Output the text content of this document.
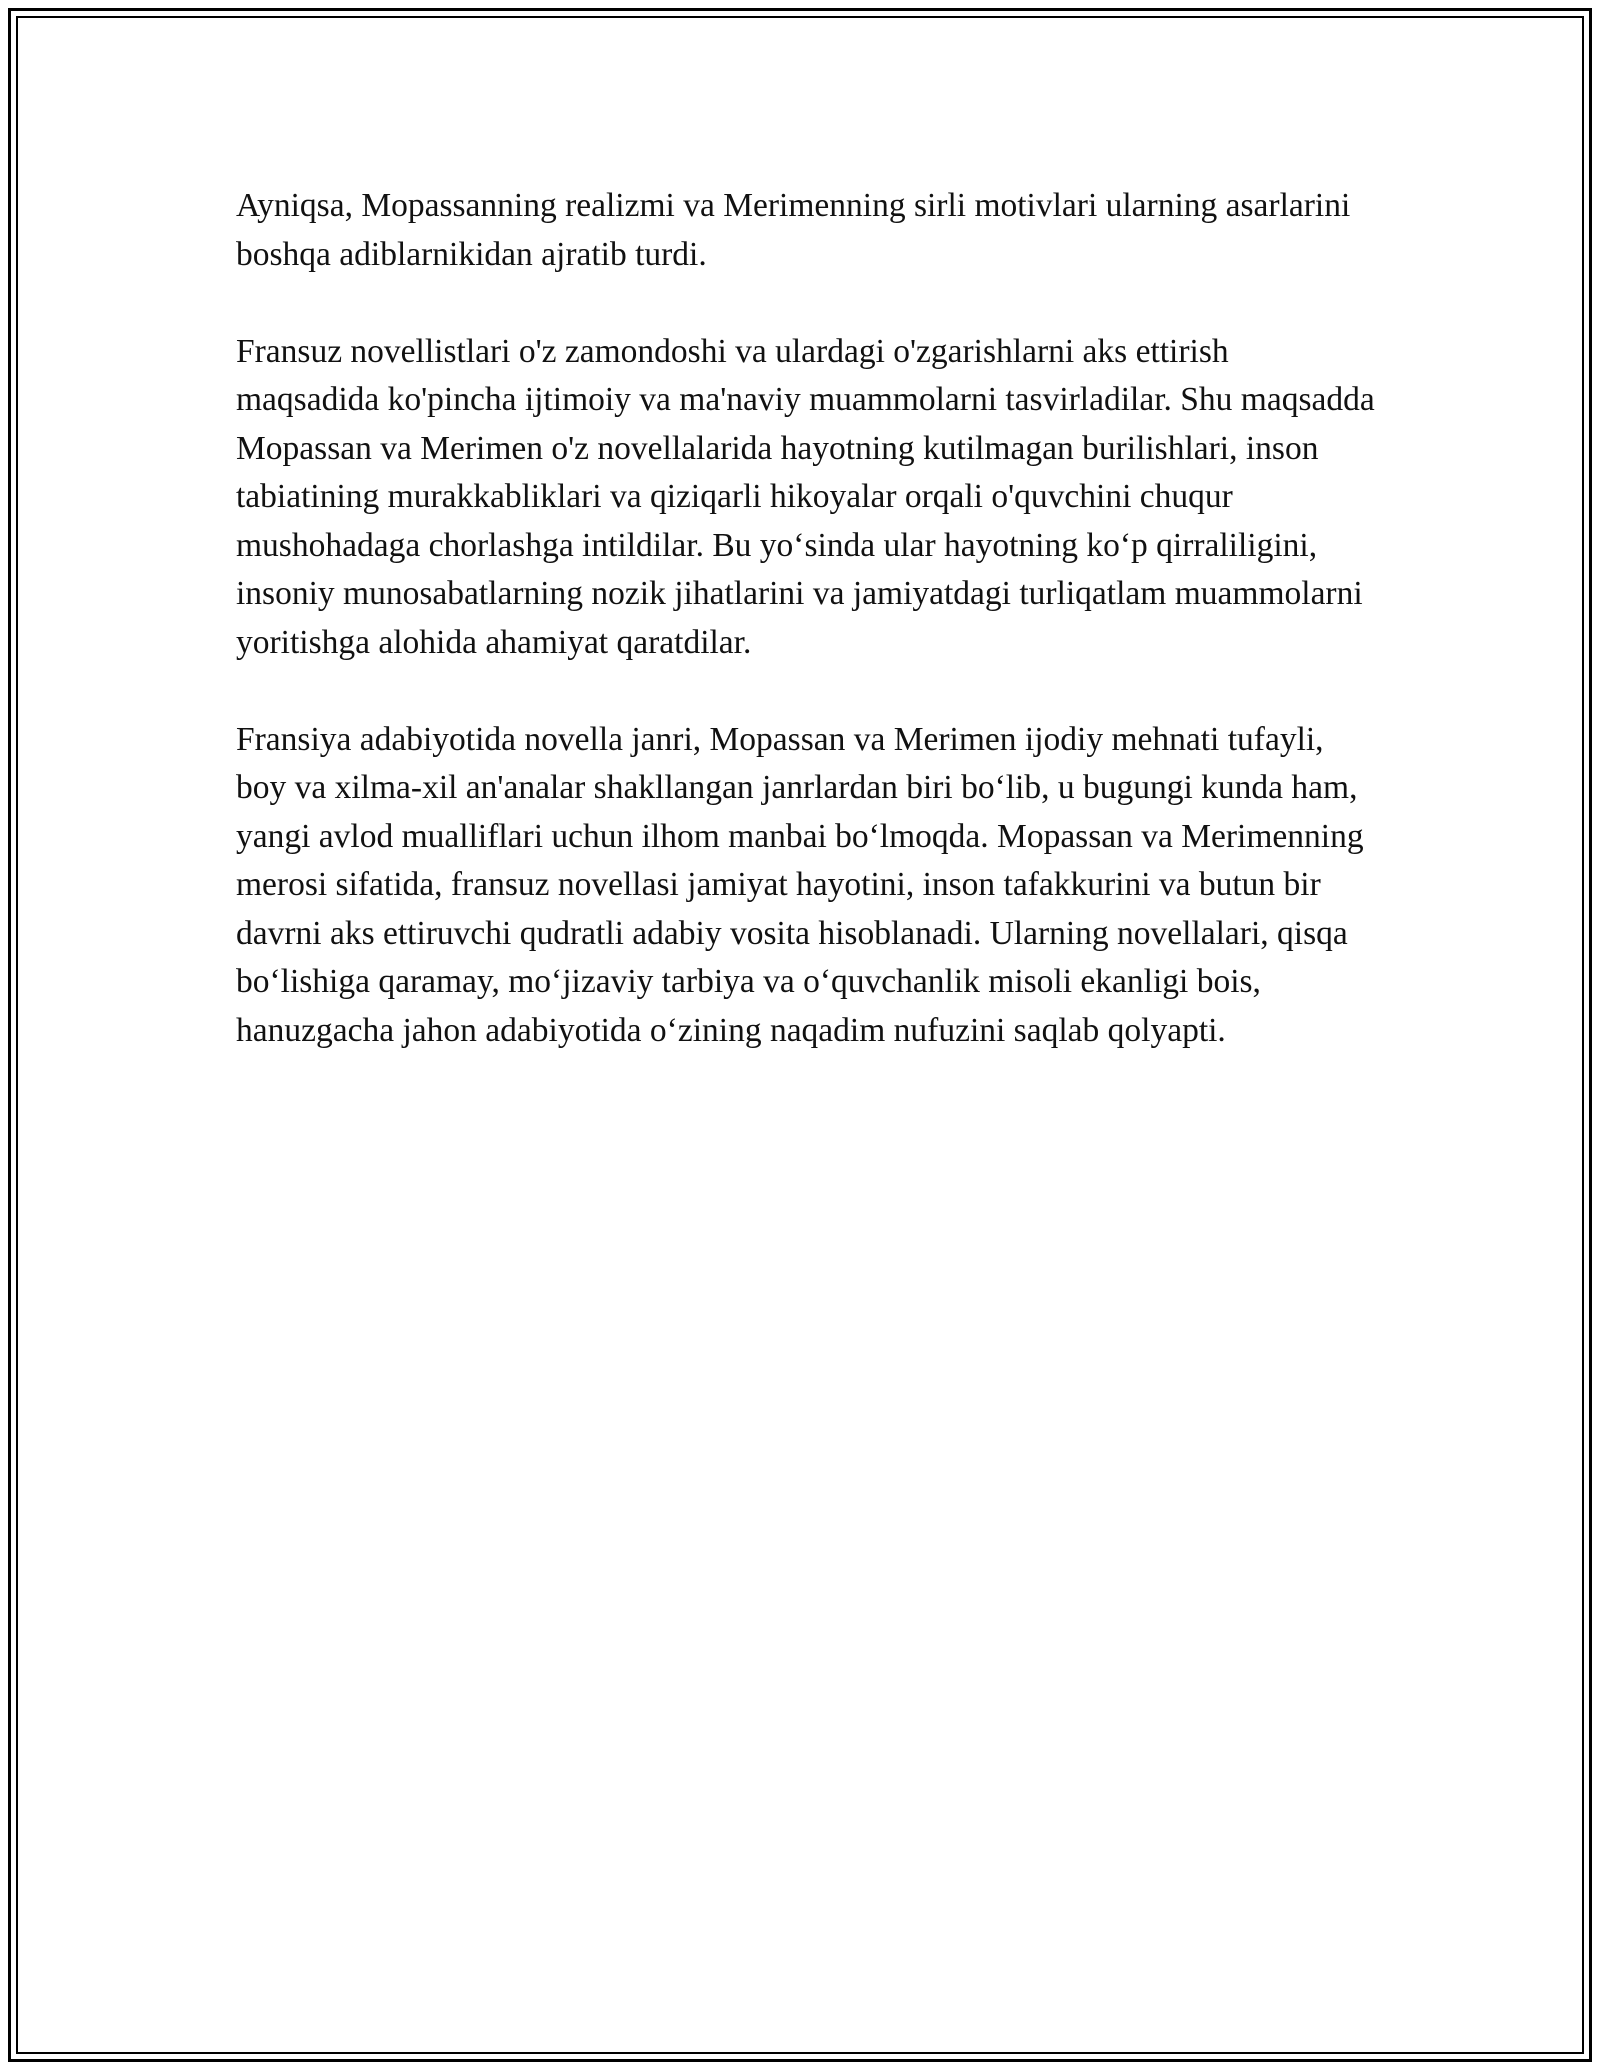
Ayniqsa, Mopassanning realizmi va Merimenning sirli motivlari ularning asarlarini boshqa adiblarnikidan ajratib turdi.

Fransuz novellistlari o'z zamondoshi va ulardagi o'zgarishlarni aks ettirish maqsadida ko'pincha ijtimoiy va ma'naviy muammolarni tasvirladilar. Shu maqsadda Mopassan va Merimen o'z novellalarida hayotning kutilmagan burilishlari, inson tabiatining murakkabliklari va qiziqarli hikoyalar orqali o'quvchini chuqur mushohadaga chorlashga intildilar. Bu yo‘sinda ular hayotning ko‘p qirraliligini, insoniy munosabatlarning nozik jihatlarini va jamiyatdagi turliqatlam muammolarni yoritishga alohida ahamiyat qaratdilar.

Fransiya adabiyotida novella janri, Mopassan va Merimen ijodiy mehnati tufayli, boy va xilma-xil an'analar shakllangan janrlardan biri bo‘lib, u bugungi kunda ham, yangi avlod mualliflari uchun ilhom manbai bo‘lmoqda. Mopassan va Merimenning merosi sifatida, fransuz novellasi jamiyat hayotini, inson tafakkurini va butun bir davrni aks ettiruvchi qudratli adabiy vosita hisoblanadi. Ularning novellalari, qisqa bo‘lishiga qaramay, mo‘jizaviy tarbiya va o‘quvchanlik misoli ekanligi bois, hanuzgacha jahon adabiyotida o‘zining naqadim nufuzini saqlab qolyapti.
